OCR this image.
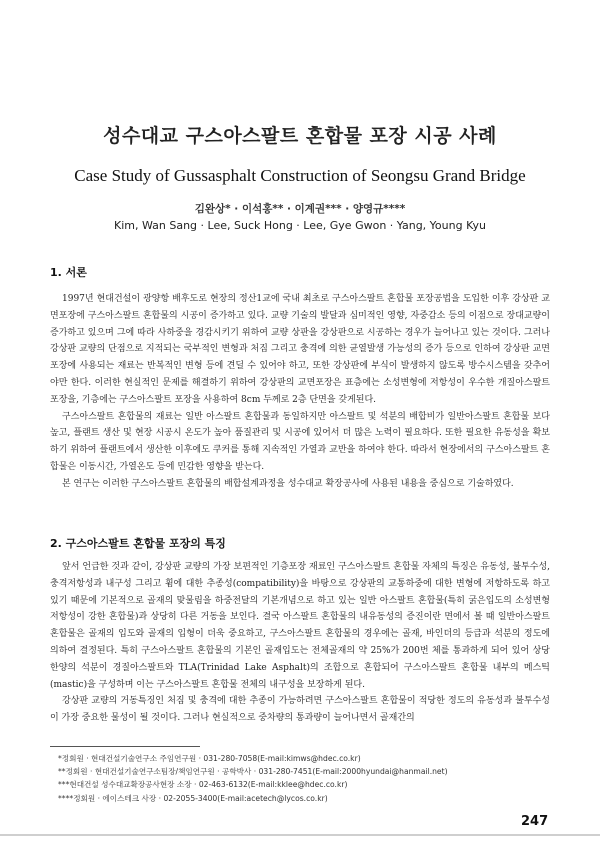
성수대교 구스아스팔트 혼합물 포장 시공 사례
Case Study of Gussasphalt Construction of Seongsu Grand Bridge
김완상* · 이석홍** · 이계권*** · 양영규****
Kim, Wan Sang · Lee, Suck Hong · Lee, Gye Gwon · Yang, Young Kyu
1. 서론

1997년 현대건설이 광양항 배후도로 현장의 정산1교에 국내 최초로 구스아스팔트 혼합물 포장공법을 도입한 이후 강상판 교면포장에 구스아스팔트 혼합물의 시공이 증가하고 있다. 교량 기술의 발달과 심미적인 영향, 자중감소 등의 이점으로 장대교량이 증가하고 있으며 그에 따라 사하중을 경감시키기 위하여 교량 상판을 강상판으로 시공하는 경우가 늘어나고 있는 것이다. 그러나 강상판 교량의 단점으로 지적되는 국부적인 변형과 처짐 그리고 충격에 의한 균열발생 가능성의 증가 등으로 인하여 강상판 교면포장에 사용되는 재료는 반복적인 변형 등에 견딜 수 있어야 하고, 또한 강상판에 부식이 발생하지 않도록 방수시스템을 갖추어야만 한다. 이러한 현실적인 문제를 해결하기 위하여 강상판의 교면포장은 표층에는 소성변형에 저항성이 우수한 개질아스팔트 포장을, 기층에는 구스아스팔트 포장을 사용하여 8cm 두께로 2층 단면을 갖게된다.

구스아스팔트 혼합물의 재료는 일반 아스팔트 혼합물과 동일하지만 아스팔트 및 석분의 배합비가 일반아스팔트 혼합물 보다 높고, 플랜트 생산 및 현장 시공시 온도가 높아 품질관리 및 시공에 있어서 더 많은 노력이 필요하다. 또한 필요한 유동성을 확보하기 위하여 플랜트에서 생산한 이후에도 쿠커를 통해 지속적인 가열과 교반을 하여야 한다. 따라서 현장에서의 구스아스팔트 혼합물은 이동시간, 가열온도 등에 민감한 영향을 받는다.

본 연구는 이러한 구스아스팔트 혼합물의 배합설계과정을 성수대교 확장공사에 사용된 내용을 중심으로 기술하였다.

2. 구스아스팔트 혼합물 포장의 특징

앞서 언급한 것과 같이, 강상판 교량의 가장 보편적인 기층포장 재료인 구스아스팔트 혼합물 자체의 특징은 유동성, 불투수성, 충격저항성과 내구성 그리고 휨에 대한 추종성(compatibility)을 바탕으로 강상판의 교통하중에 대한 변형에 저항하도록 하고 있기 때문에 기본적으로 골재의 맞물림을 하중전달의 기본개념으로 하고 있는 일반 아스팔트 혼합물(특히 굵은입도의 소성변형 저항성이 강한 혼합물)과 상당히 다른 거동을 보인다. 결국 아스팔트 혼합물의 내유동성의 증진이란 면에서 볼 때 일반아스팔트 혼합물은 골재의 입도와 골재의 입형이 더욱 중요하고, 구스아스팔트 혼합물의 경우에는 골재, 바인더의 등급과 석분의 정도에 의하여 결정된다. 특히 구스아스팔트 혼합물의 기본인 골재입도는 전체골재의 약 25%가 200번 체를 통과하게 되어 있어 상당한양의 석분이 경질아스팔트와 TLA(Trinidad Lake Asphalt)의 조합으로 혼합되어 구스아스팔트 혼합물 내부의 메스틱(mastic)을 구성하며 이는 구스아스팔트 혼합물 전체의 내구성을 보장하게 된다.

강상판 교량의 거동특징인 처짐 및 충격에 대한 추종이 가능하려면 구스아스팔트 혼합물이 적당한 정도의 유동성과 불투수성이 가장 중요한 물성이 될 것이다. 그러나 현실적으로 중차량의 통과량이 늘어나면서 골재간의

*정회원 · 현대건설기술연구소 주임연구원 · 031-280-7058(E-mail:kimws@hdec.co.kr)
**정회원 · 현대건설기술연구소팀장/책임연구원 · 공학박사 · 031-280-7451(E-mail:2000hyundai@hanmail.net)
***현대건설 성수대교확장공사현장 소장 · 02-463-6132(E-mail:kklee@hdec.co.kr)
****정회원 · 에이스테크 사장 · 02-2055-3400(E-mail:acetech@lycos.co.kr)
247
